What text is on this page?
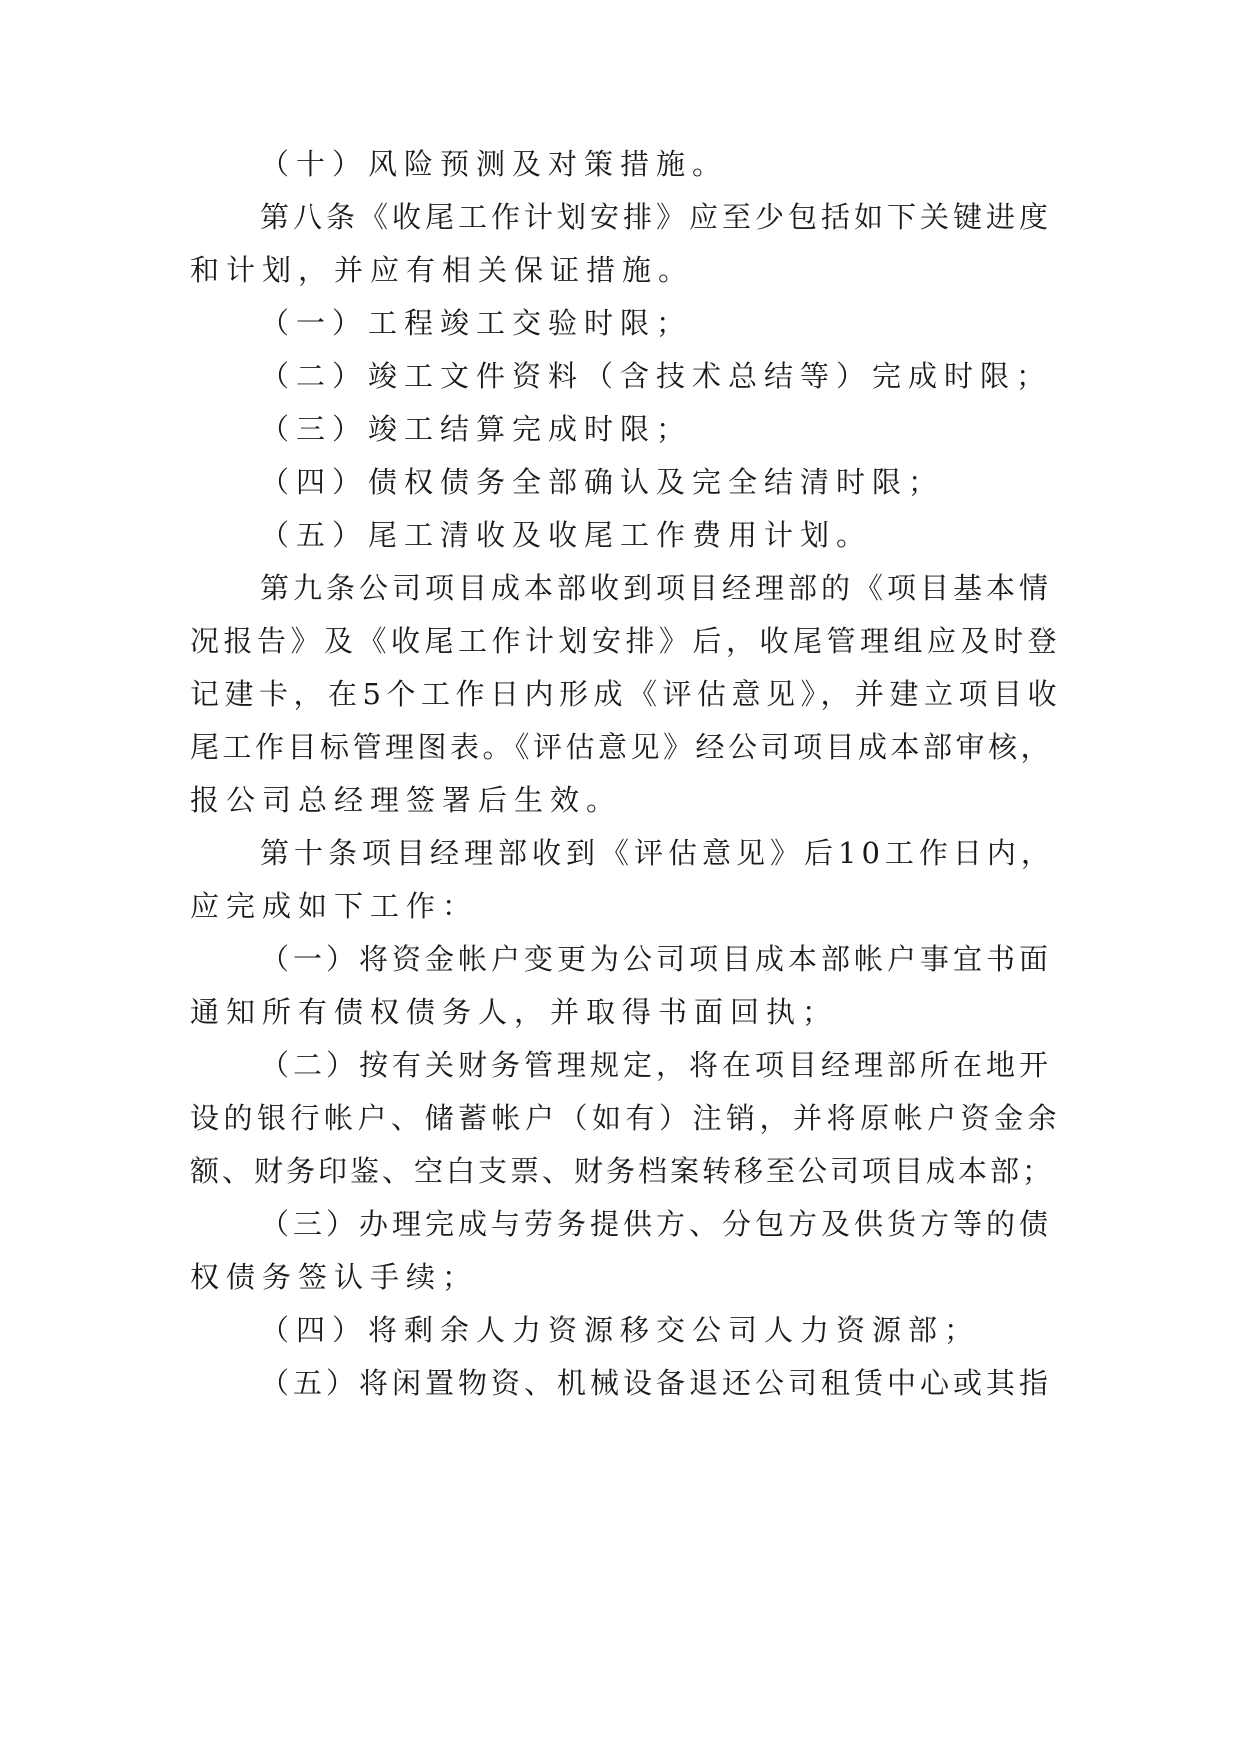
（十）风险预测及对策措施。
第八条《收尾工作计划安排》应至少包括如下关键进度
和计划，并应有相关保证措施。
（一）工程竣工交验时限；
（二）竣工文件资料（含技术总结等）完成时限；
（三）竣工结算完成时限；
（四）债权债务全部确认及完全结清时限；
（五）尾工清收及收尾工作费用计划。
第九条公司项目成本部收到项目经理部的《项目基本情
况报告》及《收尾工作计划安排》后，收尾管理组应及时登
记建卡，在5个工作日内形成《评估意见》，并建立项目收
尾工作目标管理图表。《评估意见》经公司项目成本部审核，
报公司总经理签署后生效。
第十条项目经理部收到《评估意见》后10工作日内，
应完成如下工作：
（一）将资金帐户变更为公司项目成本部帐户事宜书面
通知所有债权债务人，并取得书面回执；
（二）按有关财务管理规定，将在项目经理部所在地开
设的银行帐户、储蓄帐户（如有）注销，并将原帐户资金余
额、财务印鉴、空白支票、财务档案转移至公司项目成本部；
（三）办理完成与劳务提供方、分包方及供货方等的债
权债务签认手续；
（四）将剩余人力资源移交公司人力资源部；
（五）将闲置物资、机械设备退还公司租赁中心或其指
